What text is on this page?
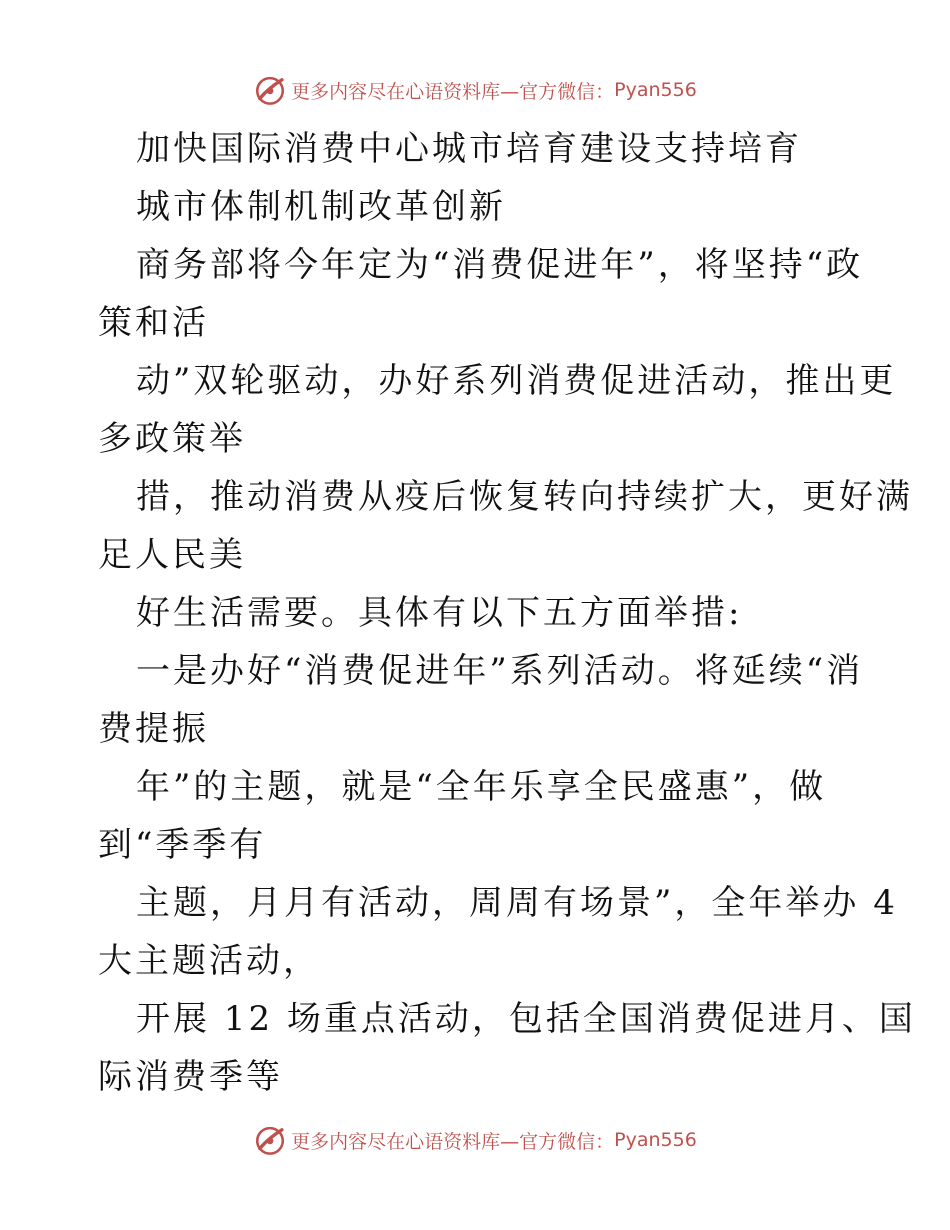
更多内容尽在心语资料库—官方微信： Pyan556

加快国际消费中心城市培育建设支持培育

城市体制机制改革创新

商务部将今年定为“消费促进年”，将坚持“政

策和活

动”双轮驱动，办好系列消费促进活动，推出更

多政策举

措，推动消费从疫后恢复转向持续扩大，更好满

足人民美

好生活需要。具体有以下五方面举措:

一是办好“消费促进年”系列活动。将延续“消

费提振

年”的主题，就是“全年乐享全民盛惠”，做

到“季季有

主题，月月有活动，周周有场景”，全年举办 4

大主题活动，

开展 12 场重点活动，包括全国消费促进月、国

际消费季等

更多内容尽在心语资料库—官方微信： Pyan556
